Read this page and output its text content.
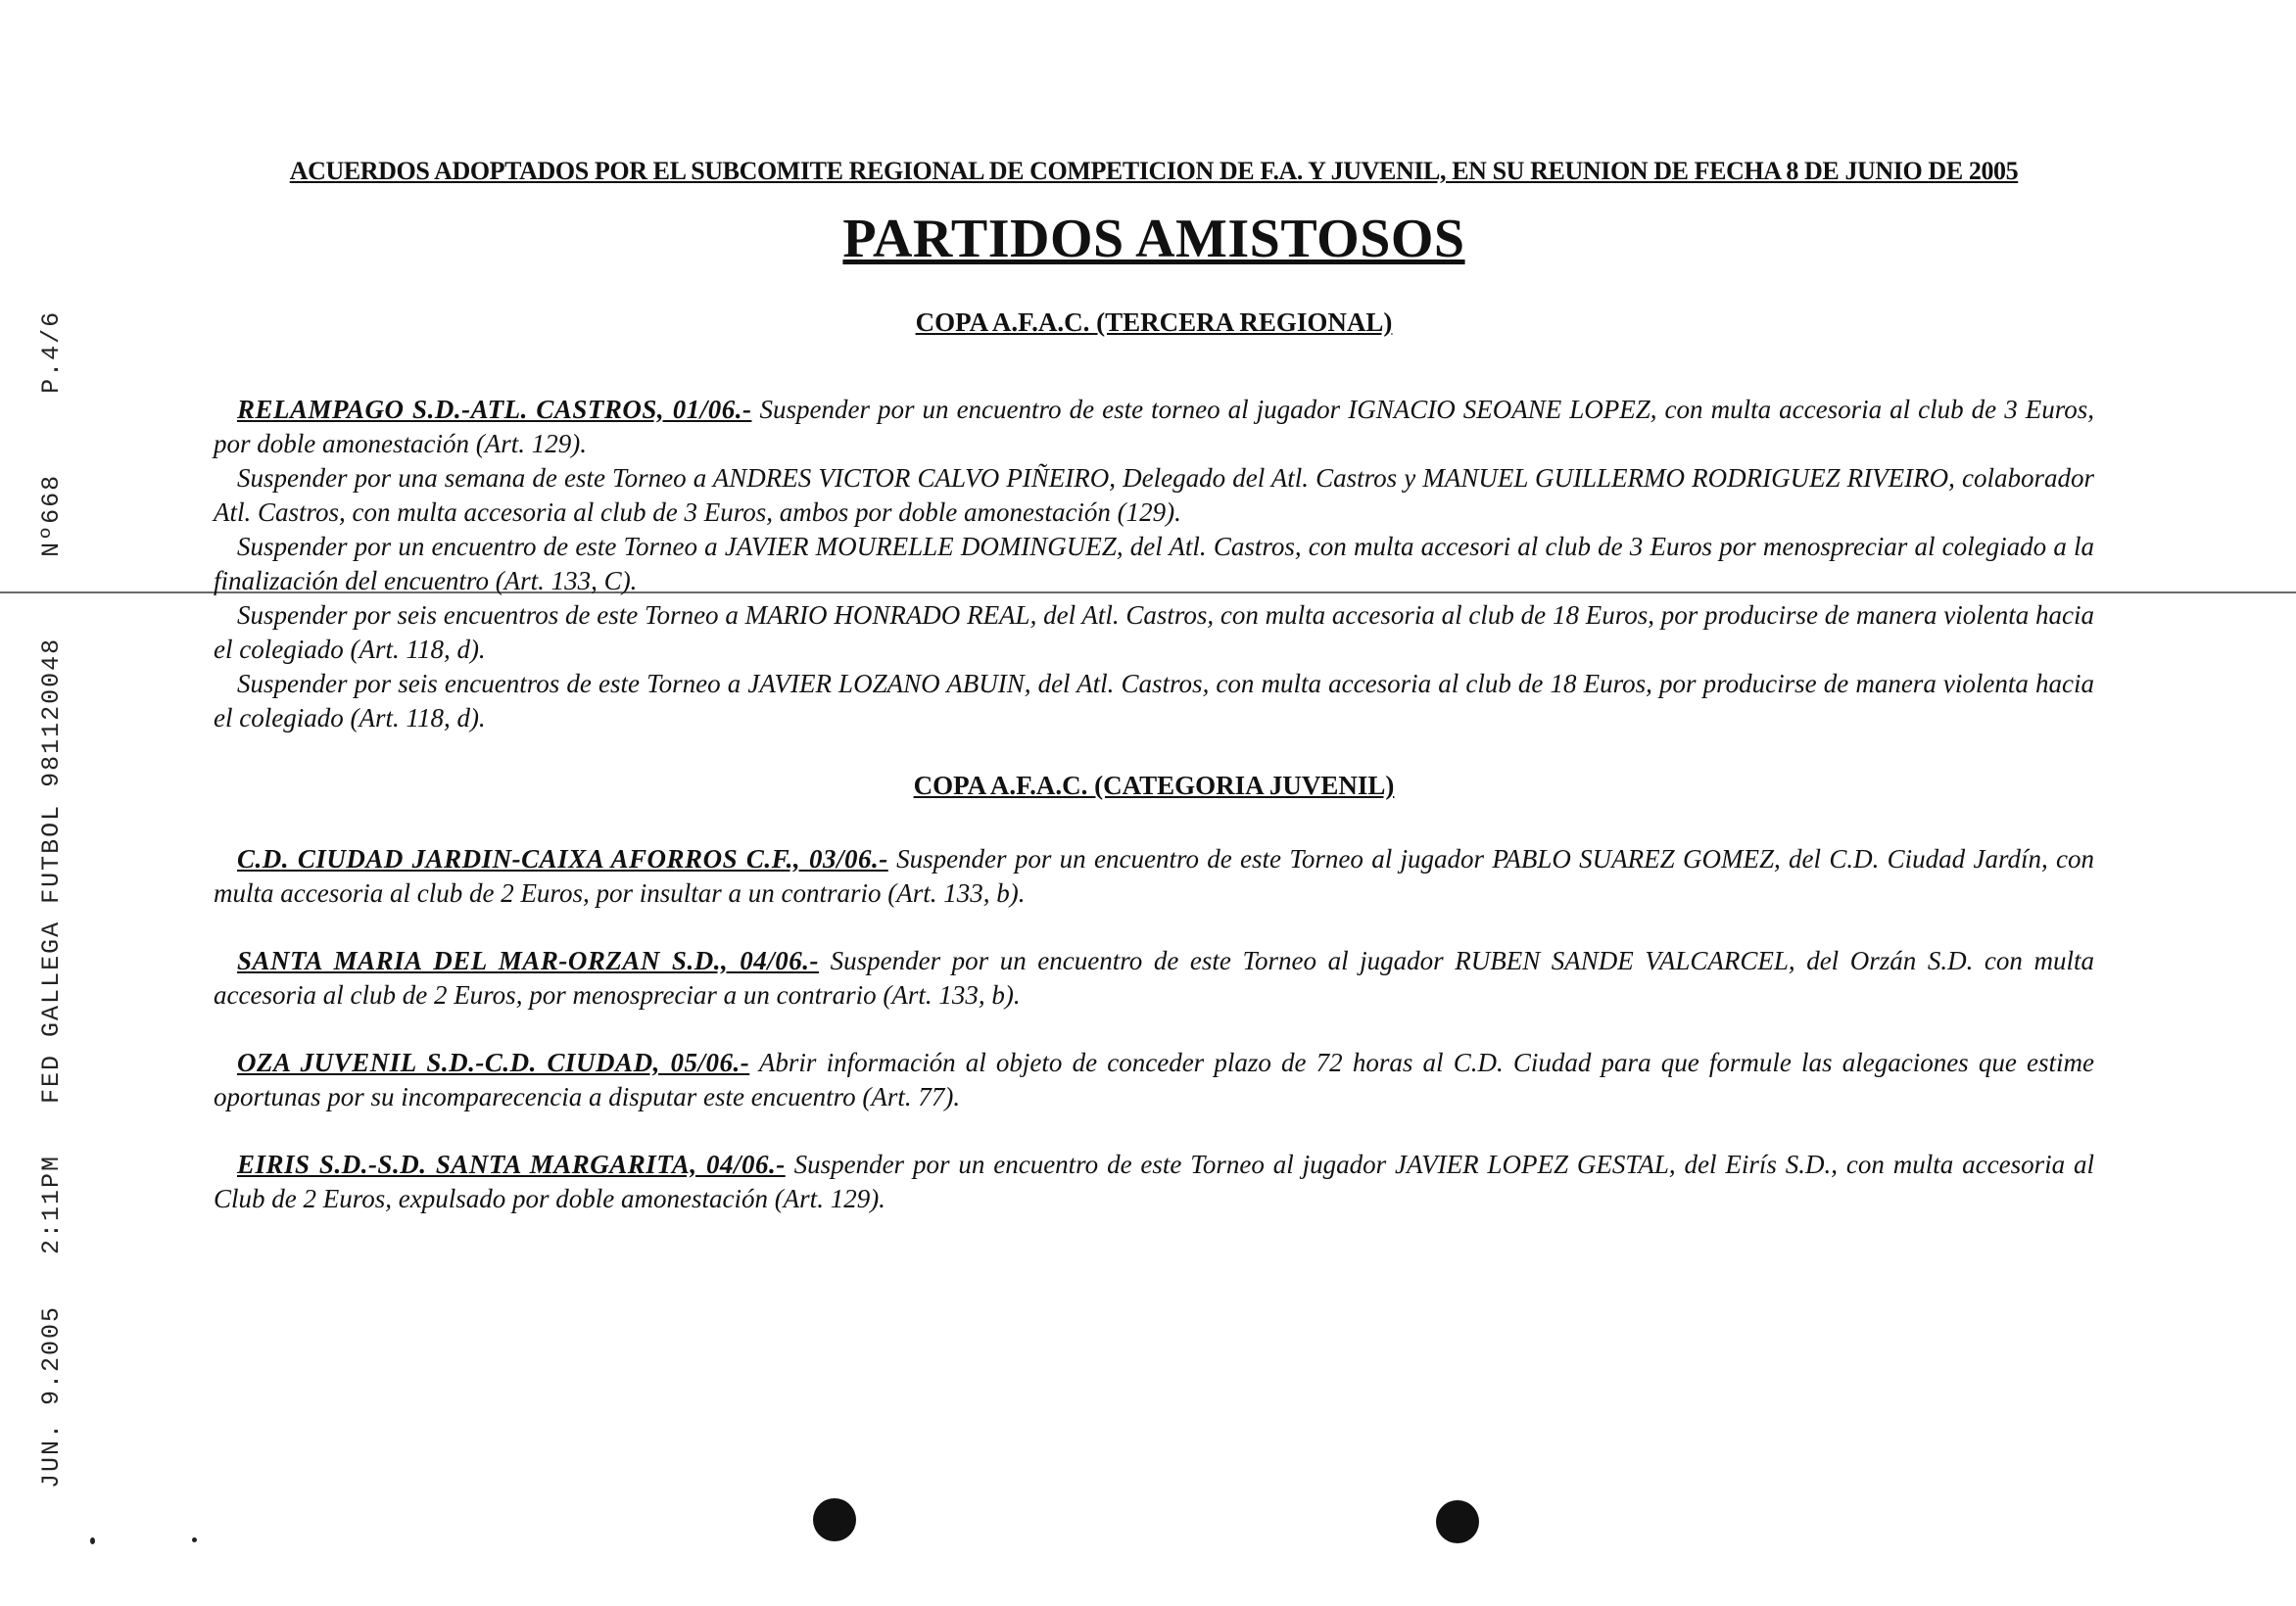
JUN. 9.2005
2:11PM
FED GALLEGA FUTBOL 981120048
Nº668
P.4/6
ACUERDOS ADOPTADOS POR EL SUBCOMITE REGIONAL DE COMPETICION DE F.A. Y JUVENIL, EN SU REUNION DE FECHA 8 DE JUNIO DE 2005
PARTIDOS AMISTOSOS
COPA A.F.A.C. (TERCERA REGIONAL)

RELAMPAGO S.D.-ATL. CASTROS, 01/06.- Suspender por un encuentro de este torneo al jugador IGNACIO SEOANE LOPEZ, con multa accesoria al club de 3 Euros, por doble amonestación (Art. 129).

Suspender por una semana de este Torneo a ANDRES VICTOR CALVO PIÑEIRO, Delegado del Atl. Castros y MANUEL GUILLERMO RODRIGUEZ RIVEIRO, colaborador Atl. Castros, con multa accesoria al club de 3 Euros, ambos por doble amonestación (129).

Suspender por un encuentro de este Torneo a JAVIER MOURELLE DOMINGUEZ, del Atl. Castros, con multa accesori al club de 3 Euros por menospreciar al colegiado a la finalización del encuentro (Art. 133, C).

Suspender por seis encuentros de este Torneo a MARIO HONRADO REAL, del Atl. Castros, con multa accesoria al club de 18 Euros, por producirse de manera violenta hacia el colegiado (Art. 118, d).

Suspender por seis encuentros de este Torneo a JAVIER LOZANO ABUIN, del Atl. Castros, con multa accesoria al club de 18 Euros, por producirse de manera violenta hacia el colegiado (Art. 118, d).

COPA A.F.A.C. (CATEGORIA JUVENIL)

C.D. CIUDAD JARDIN-CAIXA AFORROS C.F., 03/06.- Suspender por un encuentro de este Torneo al jugador PABLO SUAREZ GOMEZ, del C.D. Ciudad Jardín, con multa accesoria al club de 2 Euros, por insultar a un contrario (Art. 133, b).

SANTA MARIA DEL MAR-ORZAN S.D., 04/06.- Suspender por un encuentro de este Torneo al jugador RUBEN SANDE VALCARCEL, del Orzán S.D. con multa accesoria al club de 2 Euros, por menospreciar a un contrario (Art. 133, b).

OZA JUVENIL S.D.-C.D. CIUDAD, 05/06.- Abrir información al objeto de conceder plazo de 72 horas al C.D. Ciudad para que formule las alegaciones que estime oportunas por su incomparecencia a disputar este encuentro (Art. 77).

EIRIS S.D.-S.D. SANTA MARGARITA, 04/06.- Suspender por un encuentro de este Torneo al jugador JAVIER LOPEZ GESTAL, del Eirís S.D., con multa accesoria al Club de 2 Euros, expulsado por doble amonestación (Art. 129).
